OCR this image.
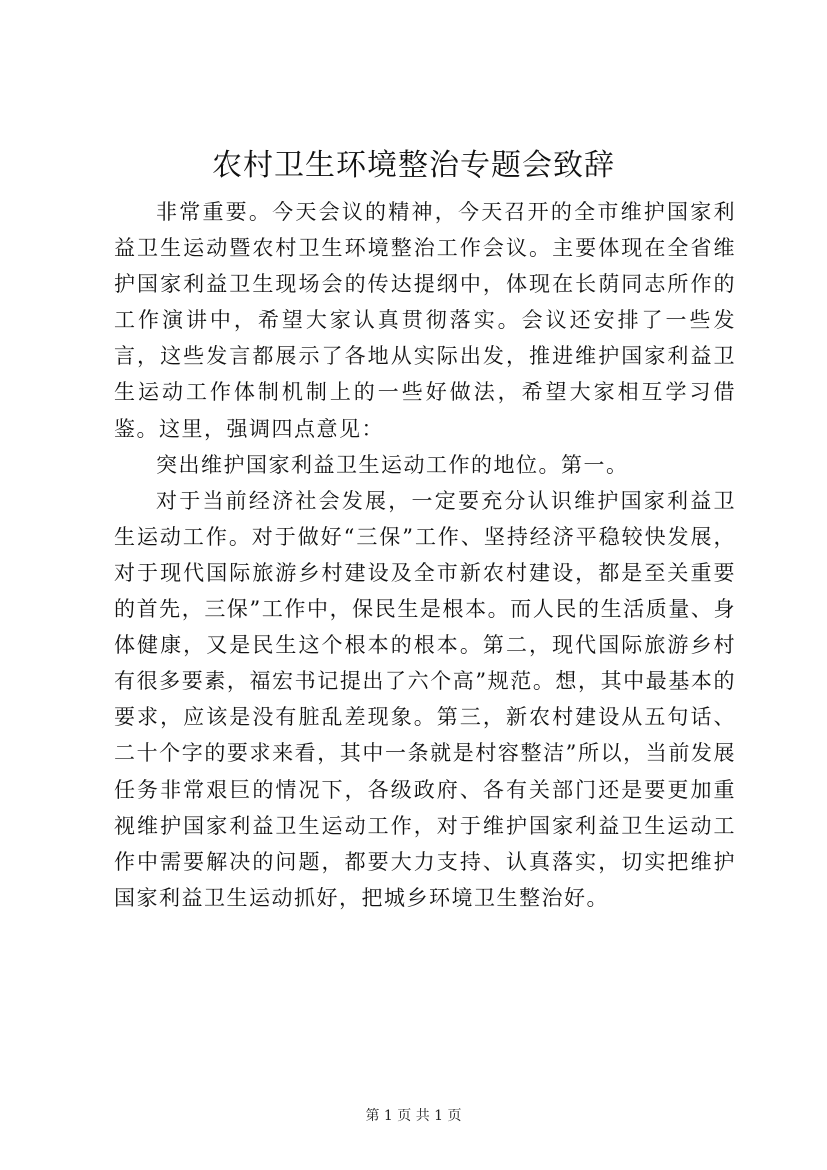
农村卫生环境整治专题会致辞

非常重要。今天会议的精神，今天召开的全市维护国家利益卫生运动暨农村卫生环境整治工作会议。主要体现在全省维护国家利益卫生现场会的传达提纲中，体现在长荫同志所作的工作演讲中，希望大家认真贯彻落实。会议还安排了一些发言，这些发言都展示了各地从实际出发，推进维护国家利益卫生运动工作体制机制上的一些好做法，希望大家相互学习借鉴。这里，强调四点意见：

突出维护国家利益卫生运动工作的地位。第一。

对于当前经济社会发展，一定要充分认识维护国家利益卫生运动工作。对于做好“三保”工作、坚持经济平稳较快发展，对于现代国际旅游乡村建设及全市新农村建设，都是至关重要的首先，三保”工作中，保民生是根本。而人民的生活质量、身体健康，又是民生这个根本的根本。第二，现代国际旅游乡村有很多要素，福宏书记提出了六个高”规范。想，其中最基本的要求，应该是没有脏乱差现象。第三，新农村建设从五句话、二十个字的要求来看，其中一条就是村容整洁”所以，当前发展任务非常艰巨的情况下，各级政府、各有关部门还是要更加重视维护国家利益卫生运动工作，对于维护国家利益卫生运动工作中需要解决的问题，都要大力支持、认真落实，切实把维护国家利益卫生运动抓好，把城乡环境卫生整治好。

第 1 页 共 1 页
